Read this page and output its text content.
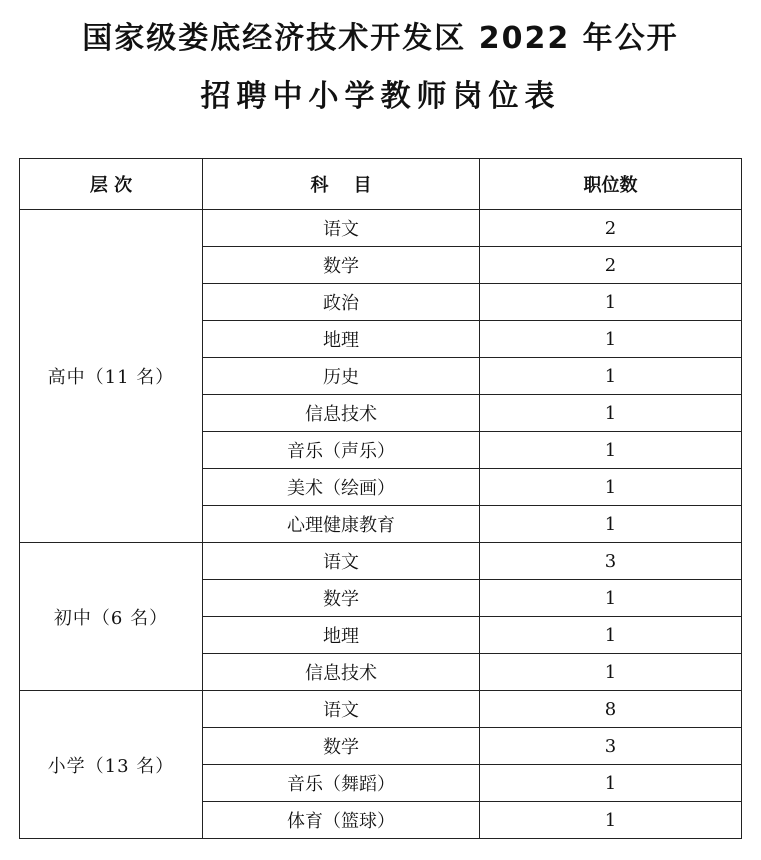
国家级娄底经济技术开发区 2022 年公开
招聘中小学教师岗位表
层 次	科    目	职位数
高中（11 名）	语文	2
	数学	2
	政治	1
	地理	1
	历史	1
	信息技术	1
	音乐（声乐）	1
	美术（绘画）	1
	心理健康教育	1
初中（6 名）	语文	3
	数学	1
	地理	1
	信息技术	1
小学（13 名）	语文	8
	数学	3
	音乐（舞蹈）	1
	体育（篮球）	1
